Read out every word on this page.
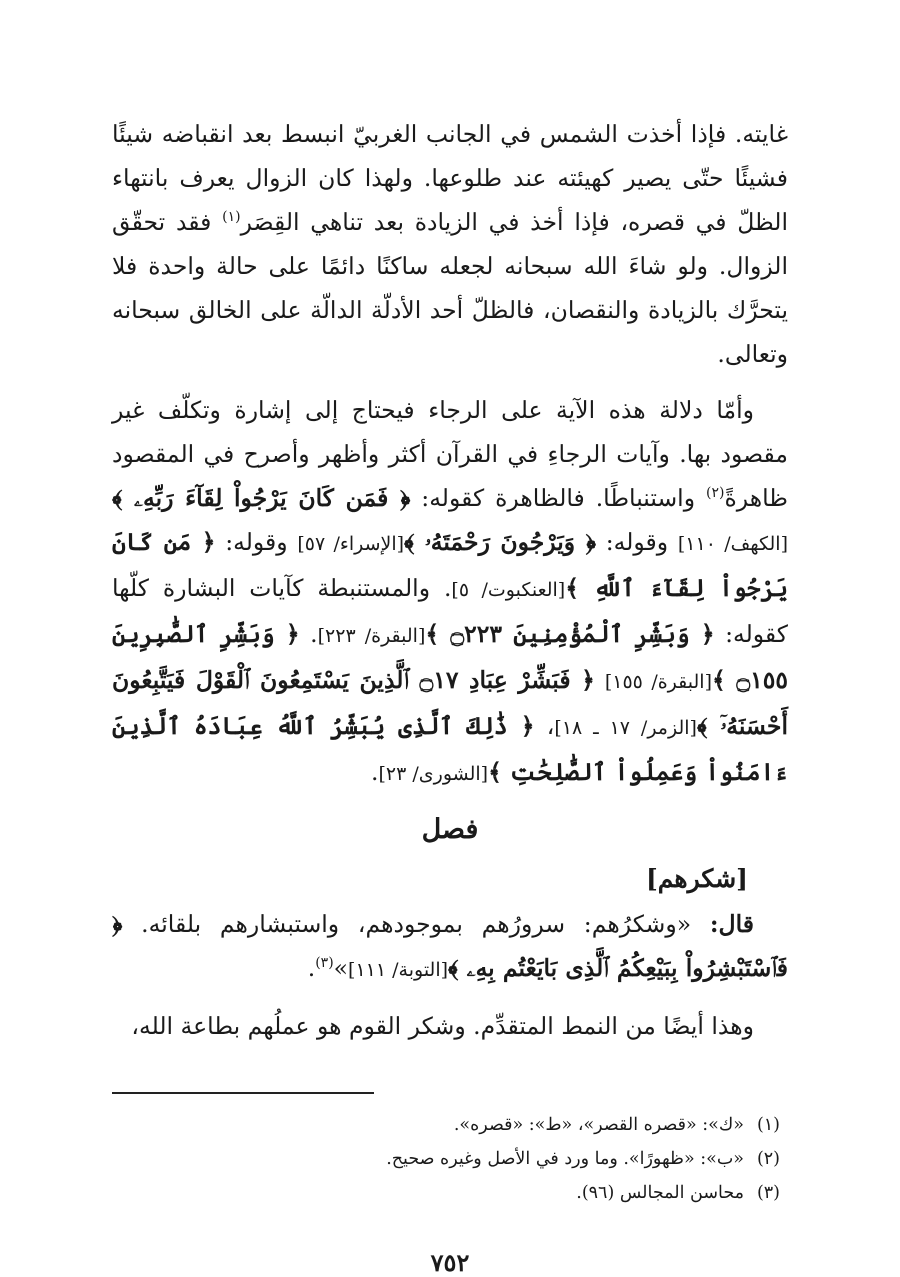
غايته. فإذا أخذت الشمس في الجانب الغربيّ انبسط بعد انقباضه شيئًا فشيئًا حتّى يصير كهيئته عند طلوعها. ولهذا كان الزوال يعرف بانتهاء الظلّ في قصره، فإذا أخذ في الزيادة بعد تناهي القِصَر$^{(١)}$ فقد تحقّق الزوال. ولو شاءَ الله سبحانه لجعله ساكنًا دائمًا على حالة واحدة فلا يتحرَّك بالزيادة والنقصان، فالظلّ أحد الأدلّة الدالّة على الخالق سبحانه وتعالى.

وأمّا دلالة هذه الآية على الرجاء فيحتاج إلى إشارة وتكلّف غير مقصود بها. وآيات الرجاءِ في القرآن أكثر وأظهر وأصرح في المقصود ظاهرةً$^{(٢)}$ واستنباطًا. فالظاهرة كقوله: ﴿ فَمَن كَانَ يَرْجُواْ لِقَآءَ رَبِّهِۦ ﴾[الكهف/ ١١٠] وقوله: ﴿ وَيَرْجُونَ رَحْمَتَهُۥ ﴾[الإسراء/ ٥٧] وقوله: ﴿ مَن كَانَ يَرْجُواْ لِقَآءَ ٱللَّهِ ﴾[العنكبوت/ ٥]. والمستنبطة كآيات البشارة كلّها كقوله: ﴿ وَبَشِّرِ ٱلْمُؤْمِنِينَ ۝٢٢٣ ﴾[البقرة/ ٢٢٣]. ﴿ وَبَشِّرِ ٱلصَّٰبِرِينَ ۝١٥٥ ﴾[البقرة/ ١٥٥] ﴿ فَبَشِّرْ عِبَادِ ۝١٧ ٱلَّذِينَ يَسْتَمِعُونَ ٱلْقَوْلَ فَيَتَّبِعُونَ أَحْسَنَهُۥٓ ﴾[الزمر/ ١٧ ـ ١٨]، ﴿ ذَٰلِكَ ٱلَّذِى يُبَشِّرُ ٱللَّهُ عِبَادَهُ ٱلَّذِينَ ءَامَنُواْ وَعَمِلُواْ ٱلصَّٰلِحَٰتِ ﴾[الشورى/ ٢٣].

فصل
[شكرهم]

قال: «وشكرُهم: سرورُهم بموجودهم، واستبشارهم بلقائه. ﴿ فَٱسْتَبْشِرُواْ بِبَيْعِكُمُ ٱلَّذِى بَايَعْتُم بِهِۦ ﴾[التوبة/ ١١١]»$^{(٣)}$.

وهذا أيضًا من النمط المتقدِّم. وشكر القوم هو عملُهم بطاعة الله،

(١)«ك»: «قصره القصر»، «ط»: «قصره».

(٢)«ب»: «ظهورًا». وما ورد في الأصل وغيره صحيح.

(٣)محاسن المجالس (٩٦).

٧٥٢
